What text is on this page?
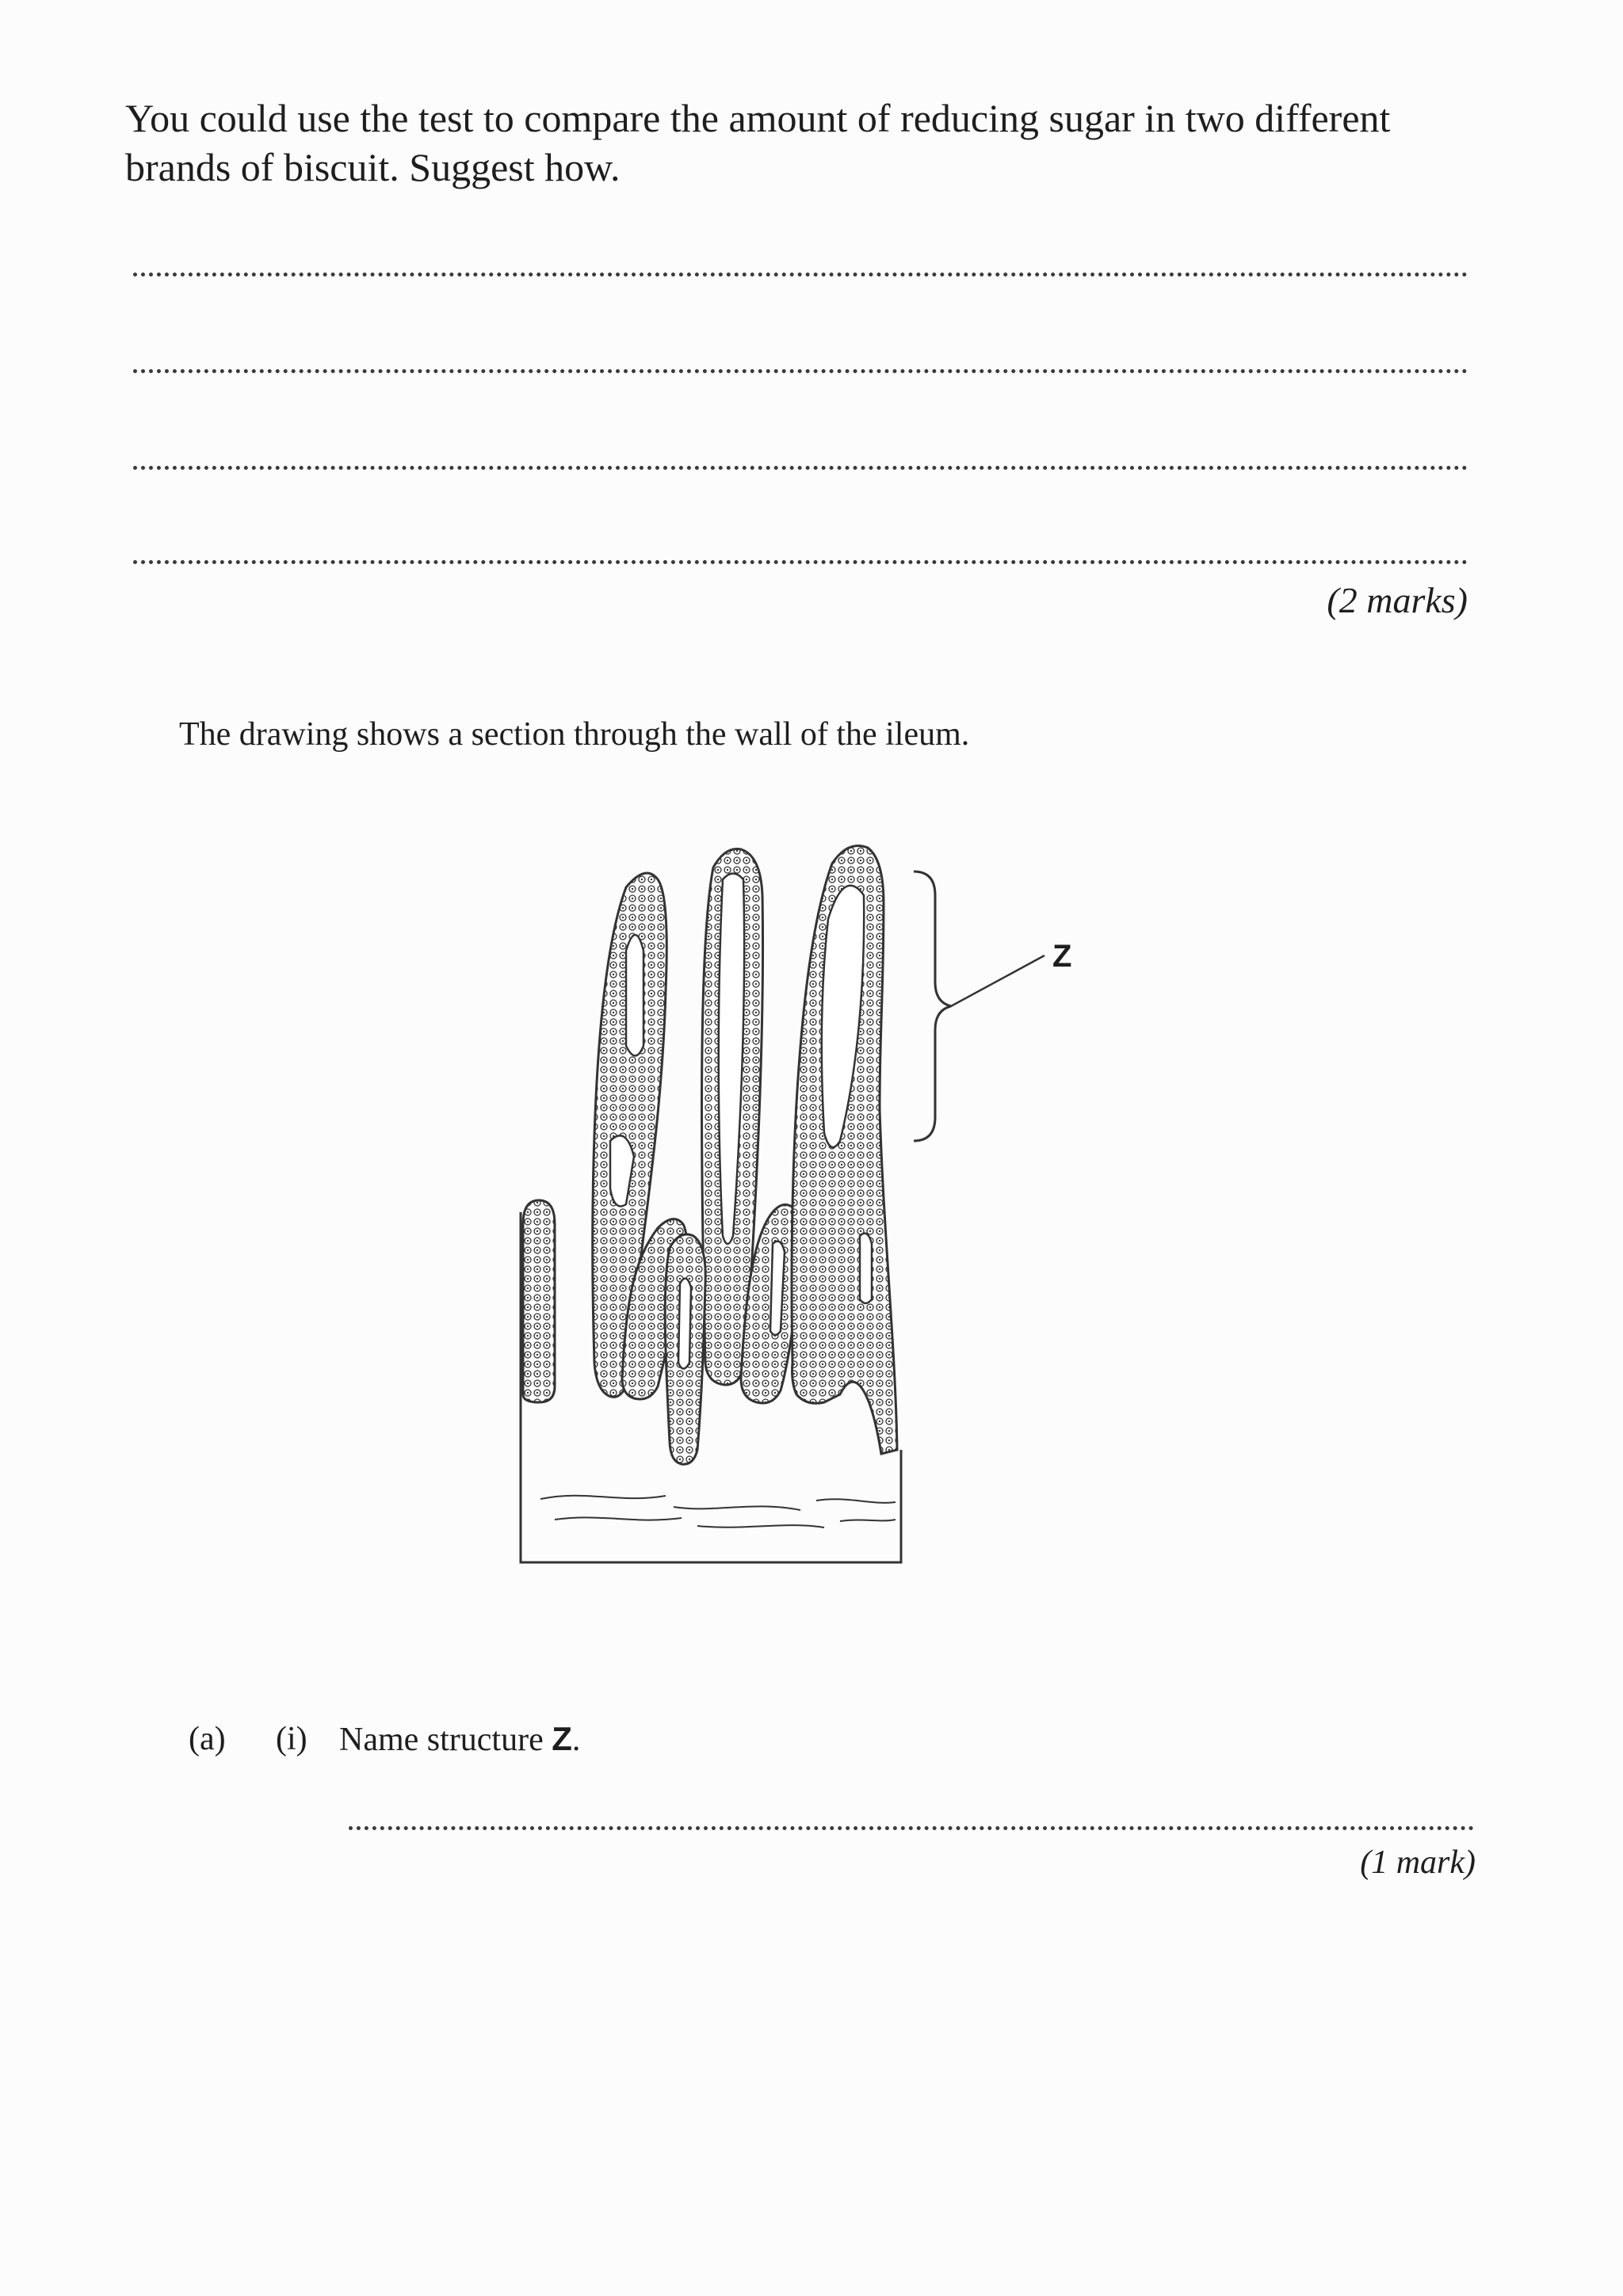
You could use the test to compare the amount of reducing sugar in two different brands of biscuit. Suggest how.

(2 marks)
The drawing shows a section through the wall of the ileum.
Z
(a) (i) Name structure Z.
(1 mark)
